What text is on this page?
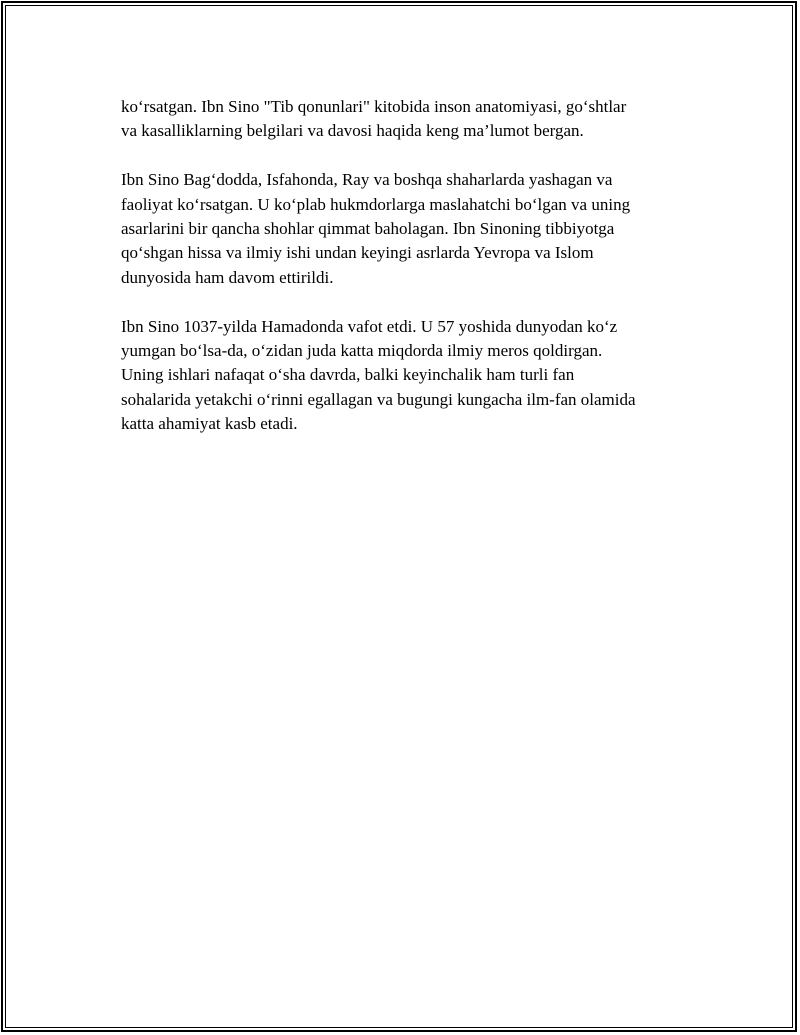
ko‘rsatgan. Ibn Sino "Tib qonunlari" kitobida inson anatomiyasi, go‘shtlar
va kasalliklarning belgilari va davosi haqida keng ma’lumot bergan.

Ibn Sino Bag‘dodda, Isfahonda, Ray va boshqa shaharlarda yashagan va
faoliyat ko‘rsatgan. U ko‘plab hukmdorlarga maslahatchi bo‘lgan va uning
asarlarini bir qancha shohlar qimmat baholagan. Ibn Sinoning tibbiyotga
qo‘shgan hissa va ilmiy ishi undan keyingi asrlarda Yevropa va Islom
dunyosida ham davom ettirildi.

Ibn Sino 1037-yilda Hamadonda vafot etdi. U 57 yoshida dunyodan ko‘z
yumgan bo‘lsa-da, o‘zidan juda katta miqdorda ilmiy meros qoldirgan.
Uning ishlari nafaqat o‘sha davrda, balki keyinchalik ham turli fan
sohalarida yetakchi o‘rinni egallagan va bugungi kungacha ilm-fan olamida
katta ahamiyat kasb etadi.
